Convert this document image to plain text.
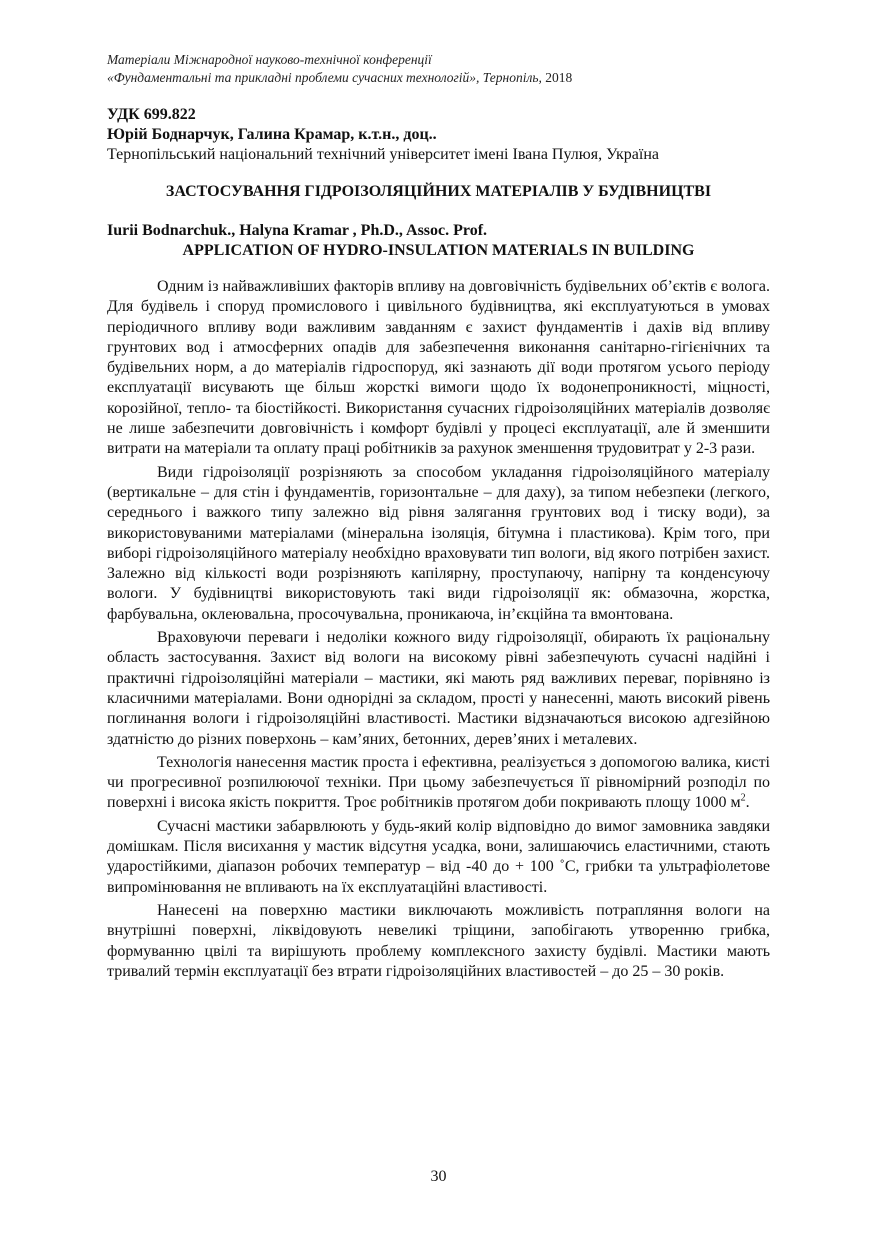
Матеріали Міжнародної науково-технічної конференції
«Фундаментальні та прикладні проблеми сучасних технологій», Тернопіль, 2018
УДК 699.822
Юрій Боднарчук, Галина Крамар, к.т.н., доц..
Тернопільський національний технічний університет імені Івана Пулюя, Україна
ЗАСТОСУВАННЯ ГІДРОІЗОЛЯЦІЙНИХ МАТЕРІАЛІВ У БУДІВНИЦТВІ
Iurii Bodnarchuk., Halyna Kramar , Ph.D., Assoc. Prof.
APPLICATION OF HYDRO-INSULATION MATERIALS IN BUILDING

Одним із найважливіших факторів впливу на довговічність будівельних об’єктів є волога. Для будівель і споруд промислового і цивільного будівництва, які експлуатуються в умовах періодичного впливу води важливим завданням є захист фундаментів і дахів від впливу грунтових вод і атмосферних опадів для забезпечення виконання санітарно-гігієнічних та будівельних норм, а до матеріалів гідроспоруд, які зазнають дії води протягом усього періоду експлуатації висувають ще більш жорсткі вимоги щодо їх водонепроникності, міцності, корозійної, тепло- та біостійкості. Використання сучасних гідроізоляційних матеріалів дозволяє не лише забезпечити довговічність і комфорт будівлі у процесі експлуатації, але й зменшити витрати на матеріали та оплату праці робітників за рахунок зменшення трудовитрат у 2-3 рази.

Види гідроізоляції розрізняють за способом укладання гідроізоляційного матеріалу (вертикальне – для стін і фундаментів, горизонтальне – для даху), за типом небезпеки (легкого, середнього і важкого типу залежно від рівня залягання грунтових вод і тиску води), за використовуваними матеріалами (мінеральна ізоляція, бітумна і пластикова). Крім того, при виборі гідроізоляційного матеріалу необхідно враховувати тип вологи, від якого потрібен захист. Залежно від кількості води розрізняють капілярну, проступаючу, напірну та конденсуючу вологи. У будівництві використовують такі види гідроізоляції як: обмазочна, жорстка, фарбувальна, оклеювальна, просочувальна, проникаюча, ін’єкційна та вмонтована.

Враховуючи переваги і недоліки кожного виду гідроізоляції, обирають їх раціональну область застосування. Захист від вологи на високому рівні забезпечують сучасні надійні і практичні гідроізоляційні матеріали – мастики, які мають ряд важливих переваг, порівняно із класичними матеріалами. Вони однорідні за складом, прості у нанесенні, мають високий рівень поглинання вологи і гідроізоляційні властивості. Мастики відзначаються високою адгезійною здатністю до різних поверхонь – кам’яних, бетонних, дерев’яних і металевих.

Технологія нанесення мастик проста і ефективна, реалізується з допомогою валика, кисті чи прогресивної розпилюючої техніки. При цьому забезпечується її рівномірний розподіл по поверхні і висока якість покриття. Троє робітників протягом доби покривають площу 1000 $м^2$.

Сучасні мастики забарвлюють у будь-який колір відповідно до вимог замовника завдяки домішкам. Після висихання у мастик відсутня усадка, вони, залишаючись еластичними, стають ударостійкими, діапазон робочих температур – від -40 до + 100 ˚С, грибки та ультрафіолетове випромінювання не впливають на їх експлуатаційні властивості.

Нанесені на поверхню мастики виключають можливість потрапляння вологи на внутрішні поверхні, ліквідовують невеликі тріщини, запобігають утворенню грибка, формуванню цвілі та вирішують проблему комплексного захисту будівлі. Мастики мають тривалий термін експлуатації без втрати гідроізоляційних властивостей – до 25 – 30 років.

30
